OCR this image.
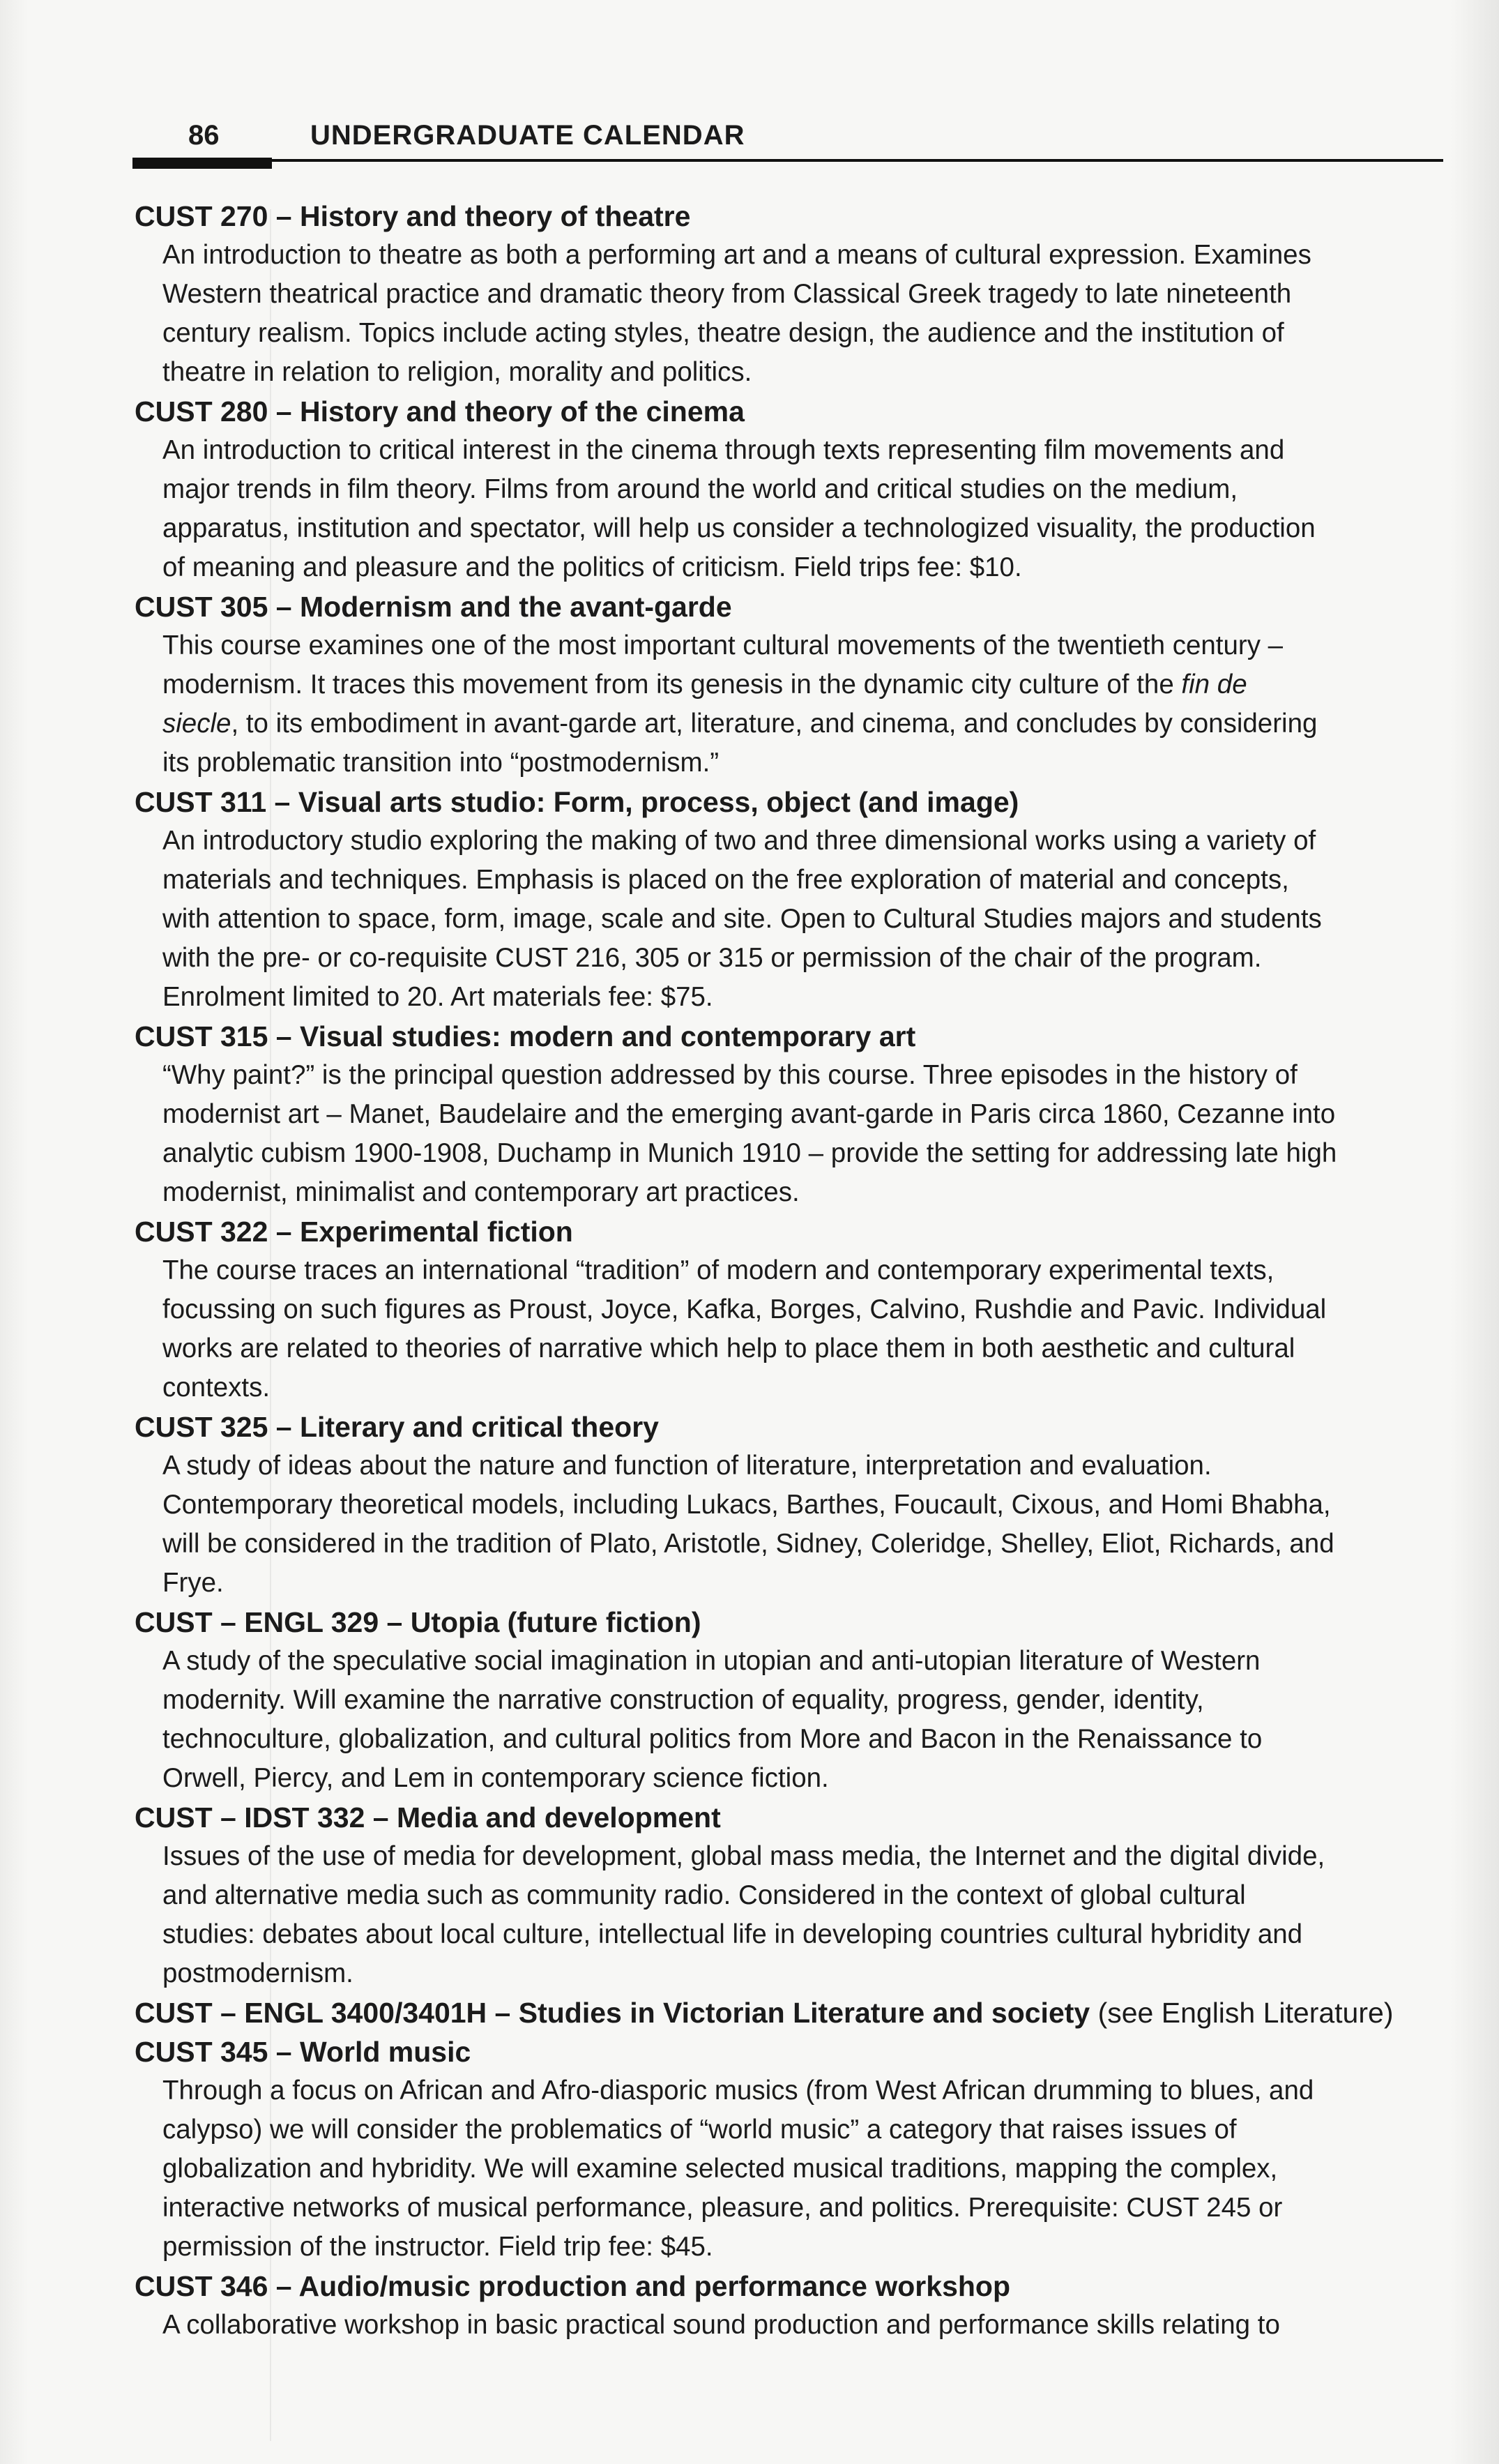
86	UNDERGRADUATE CALENDAR
CUST 270 – History and theory of theatre

An introduction to theatre as both a performing art and a means of cultural expression. Examines

Western theatrical practice and dramatic theory from Classical Greek tragedy to late nineteenth

century realism. Topics include acting styles, theatre design, the audience and the institution of

theatre in relation to religion, morality and politics.

CUST 280 – History and theory of the cinema

An introduction to critical interest in the cinema through texts representing film movements and

major trends in film theory. Films from around the world and critical studies on the medium,

apparatus, institution and spectator, will help us consider a technologized visuality, the production

of meaning and pleasure and the politics of criticism. Field trips fee: $10.

CUST 305 – Modernism and the avant-garde

This course examines one of the most important cultural movements of the twentieth century –

modernism. It traces this movement from its genesis in the dynamic city culture of the fin de

siecle, to its embodiment in avant-garde art, literature, and cinema, and concludes by considering

its problematic transition into “postmodernism.”

CUST 311 – Visual arts studio: Form, process, object (and image)

An introductory studio exploring the making of two and three dimensional works using a variety of

materials and techniques. Emphasis is placed on the free exploration of material and concepts,

with attention to space, form, image, scale and site. Open to Cultural Studies majors and students

with the pre- or co-requisite CUST 216, 305 or 315 or permission of the chair of the program.

Enrolment limited to 20. Art materials fee: $75.

CUST 315 – Visual studies: modern and contemporary art

“Why paint?” is the principal question addressed by this course. Three episodes in the history of

modernist art – Manet, Baudelaire and the emerging avant-garde in Paris circa 1860, Cezanne into

analytic cubism 1900-1908, Duchamp in Munich 1910 – provide the setting for addressing late high

modernist, minimalist and contemporary art practices.

CUST 322 – Experimental fiction

The course traces an international “tradition” of modern and contemporary experimental texts,

focussing on such figures as Proust, Joyce, Kafka, Borges, Calvino, Rushdie and Pavic. Individual

works are related to theories of narrative which help to place them in both aesthetic and cultural

contexts.

CUST 325 – Literary and critical theory

A study of ideas about the nature and function of literature, interpretation and evaluation.

Contemporary theoretical models, including Lukacs, Barthes, Foucault, Cixous, and Homi Bhabha,

will be considered in the tradition of Plato, Aristotle, Sidney, Coleridge, Shelley, Eliot, Richards, and

Frye.

CUST – ENGL 329 – Utopia (future fiction)

A study of the speculative social imagination in utopian and anti-utopian literature of Western

modernity. Will examine the narrative construction of equality, progress, gender, identity,

technoculture, globalization, and cultural politics from More and Bacon in the Renaissance to

Orwell, Piercy, and Lem in contemporary science fiction.

CUST – IDST 332 – Media and development

Issues of the use of media for development, global mass media, the Internet and the digital divide,

and alternative media such as community radio. Considered in the context of global cultural

studies: debates about local culture, intellectual life in developing countries cultural hybridity and

postmodernism.

CUST – ENGL 3400/3401H – Studies in Victorian Literature and society (see English Literature)
CUST 345 – World music

Through a focus on African and Afro-diasporic musics (from West African drumming to blues, and

calypso) we will consider the problematics of “world music” a category that raises issues of

globalization and hybridity. We will examine selected musical traditions, mapping the complex,

interactive networks of musical performance, pleasure, and politics. Prerequisite: CUST 245 or

permission of the instructor. Field trip fee: $45.

CUST 346 – Audio/music production and performance workshop

A collaborative workshop in basic practical sound production and performance skills relating to
